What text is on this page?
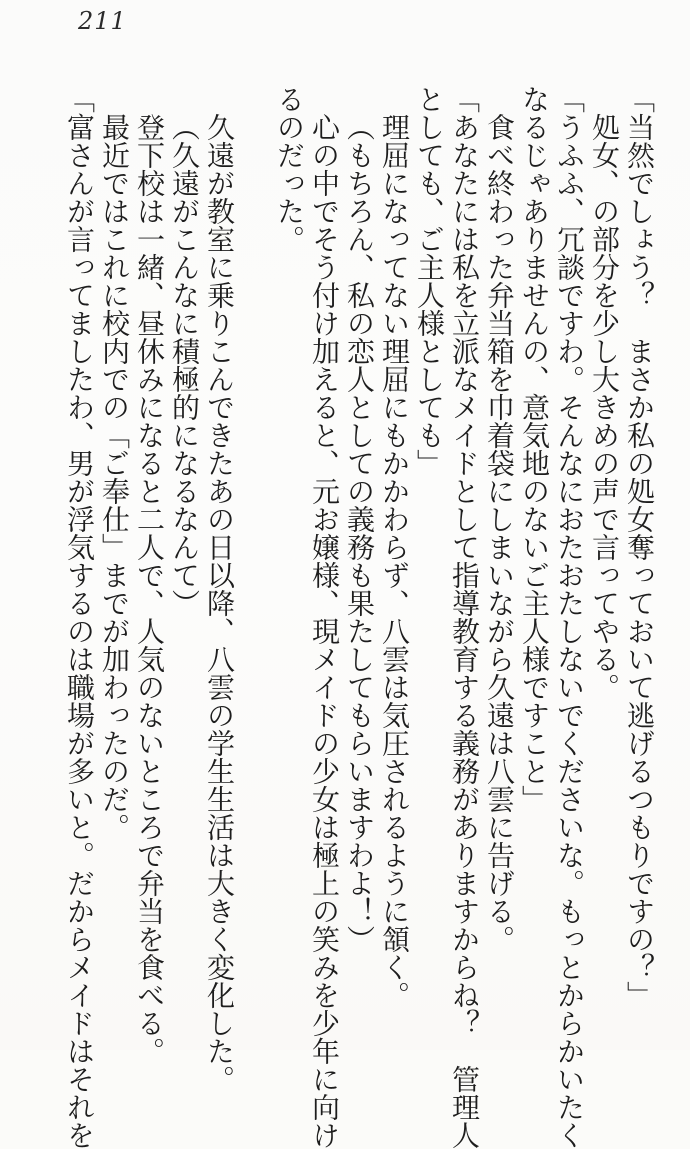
211
「当然でしょう？　まさか私の処女奪っておいて逃げるつもりですの？」
処女、の部分を少し大きめの声で言ってやる。
「うふふ、冗談ですわ。そんなにおたおたしないでくださいな。もっとからかいたく
なるじゃありませんの、意気地のないご主人様ですこと」
食べ終わった弁当箱を巾着袋にしまいながら久遠は八雲に告げる。
「あなたには私を立派なメイドとして指導教育する義務がありますからね？　管理人
としても、ご主人様としても」
理屈になってない理屈にもかかわらず、八雲は気圧されるように頷く。
（もちろん、私の恋人としての義務も果たしてもらいますわよ！）
心の中でそう付け加えると、元お嬢様、現メイドの少女は極上の笑みを少年に向け
るのだった。
久遠が教室に乗りこんできたあの日以降、八雲の学生生活は大きく変化した。
（久遠がこんなに積極的になるなんて）
登下校は一緒、昼休みになると二人で、人気のないところで弁当を食べる。
最近ではこれに校内での「ご奉仕」までが加わったのだ。
「富さんが言ってましたわ、男が浮気するのは職場が多いと。だからメイドはそれを
